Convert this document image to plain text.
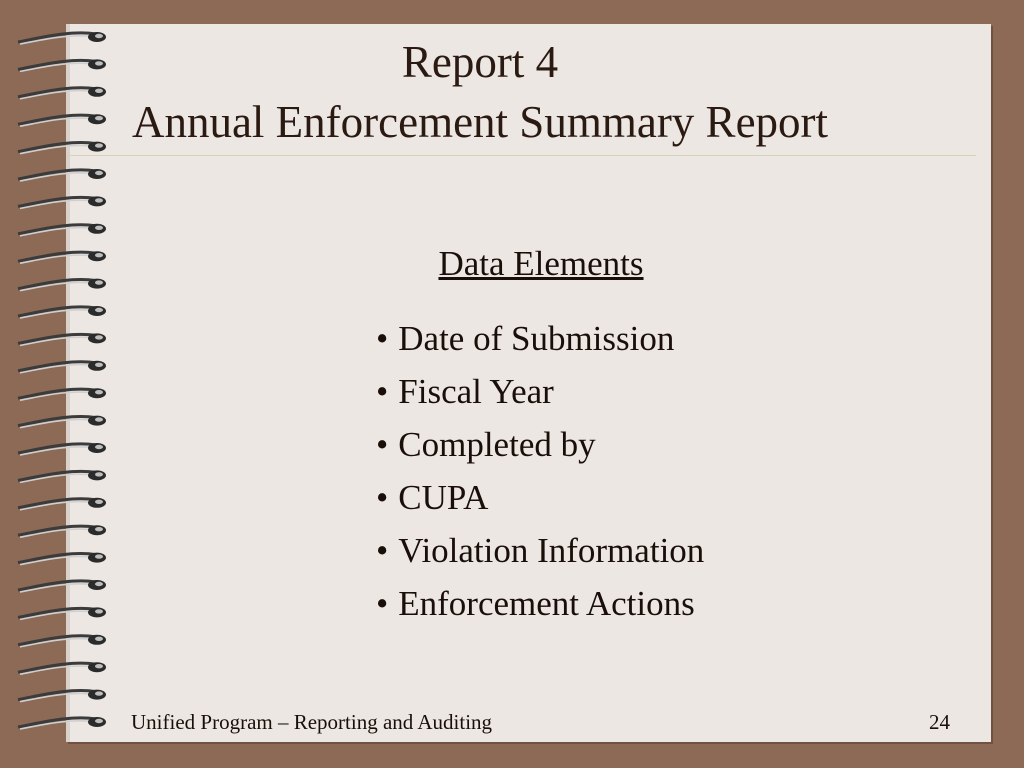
Report 4
Annual Enforcement Summary Report
Data Elements
• Date of Submission
• Fiscal Year
• Completed by
• CUPA
• Violation Information
• Enforcement Actions
Unified Program – Reporting and Auditing	24
